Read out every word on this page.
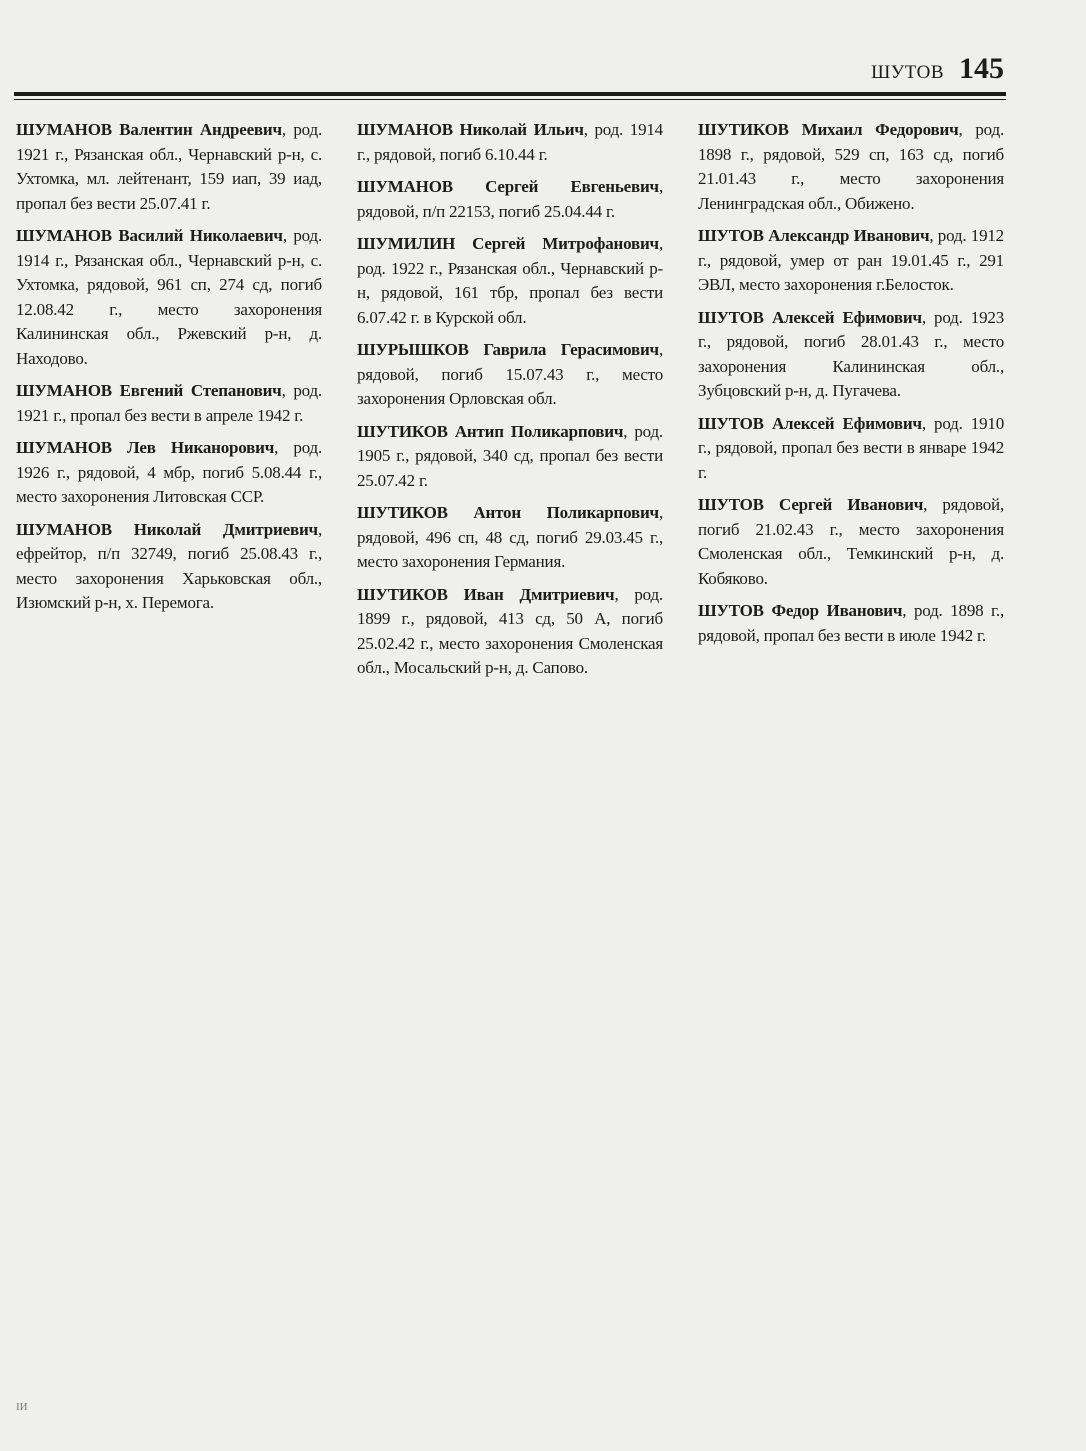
ШУТОВ 145

ШУМАНОВ Валентин Андреевич, род. 1921 г., Рязанская обл., Чернавский р-н, с. Ухтомка, мл. лейтенант, 159 иап, 39 иад, пропал без вести 25.07.41 г.

ШУМАНОВ Василий Николаевич, род. 1914 г., Рязанская обл., Чернавский р-н, с. Ухтомка, рядовой, 961 сп, 274 сд, погиб 12.08.42 г., место захоронения Калининская обл., Ржевский р-н, д. Находово.

ШУМАНОВ Евгений Степанович, род. 1921 г., пропал без вести в апреле 1942 г.

ШУМАНОВ Лев Никанорович, род. 1926 г., рядовой, 4 мбр, погиб 5.08.44 г., место захоронения Литовская ССР.

ШУМАНОВ Николай Дмитриевич, ефрейтор, п/п 32749, погиб 25.08.43 г., место захоронения Харьковская обл., Изюмский р-н, х. Перемога.

ШУМАНОВ Николай Ильич, род. 1914 г., рядовой, погиб 6.10.44 г.

ШУМАНОВ Сергей Евгеньевич, рядовой, п/п 22153, погиб 25.04.44 г.

ШУМИЛИН Сергей Митрофанович, род. 1922 г., Рязанская обл., Чернавский р-н, рядовой, 161 тбр, пропал без вести 6.07.42 г. в Курской обл.

ШУРЫШКОВ Гаврила Герасимович, рядовой, погиб 15.07.43 г., место захоронения Орловская обл.

ШУТИКОВ Антип Поликарпович, род. 1905 г., рядовой, 340 сд, пропал без вести 25.07.42 г.

ШУТИКОВ Антон Поликарпович, рядовой, 496 сп, 48 сд, погиб 29.03.45 г., место захоронения Германия.

ШУТИКОВ Иван Дмитриевич, род. 1899 г., рядовой, 413 сд, 50 А, погиб 25.02.42 г., место захоронения Смоленская обл., Мосальский р-н, д. Сапово.

ШУТИКОВ Михаил Федорович, род. 1898 г., рядовой, 529 сп, 163 сд, погиб 21.01.43 г., место захоронения Ленинградская обл., Обижено.

ШУТОВ Александр Иванович, род. 1912 г., рядовой, умер от ран 19.01.45 г., 291 ЭВЛ, место захоронения г.Белосток.

ШУТОВ Алексей Ефимович, род. 1923 г., рядовой, погиб 28.01.43 г., место захоронения Калининская обл., Зубцовский р-н, д. Пугачева.

ШУТОВ Алексей Ефимович, род. 1910 г., рядовой, пропал без вести в январе 1942 г.

ШУТОВ Сергей Иванович, рядовой, погиб 21.02.43 г., место захоронения Смоленская обл., Темкинский р-н, д. Кобяково.

ШУТОВ Федор Иванович, род. 1898 г., рядовой, пропал без вести в июле 1942 г.

ІИ
